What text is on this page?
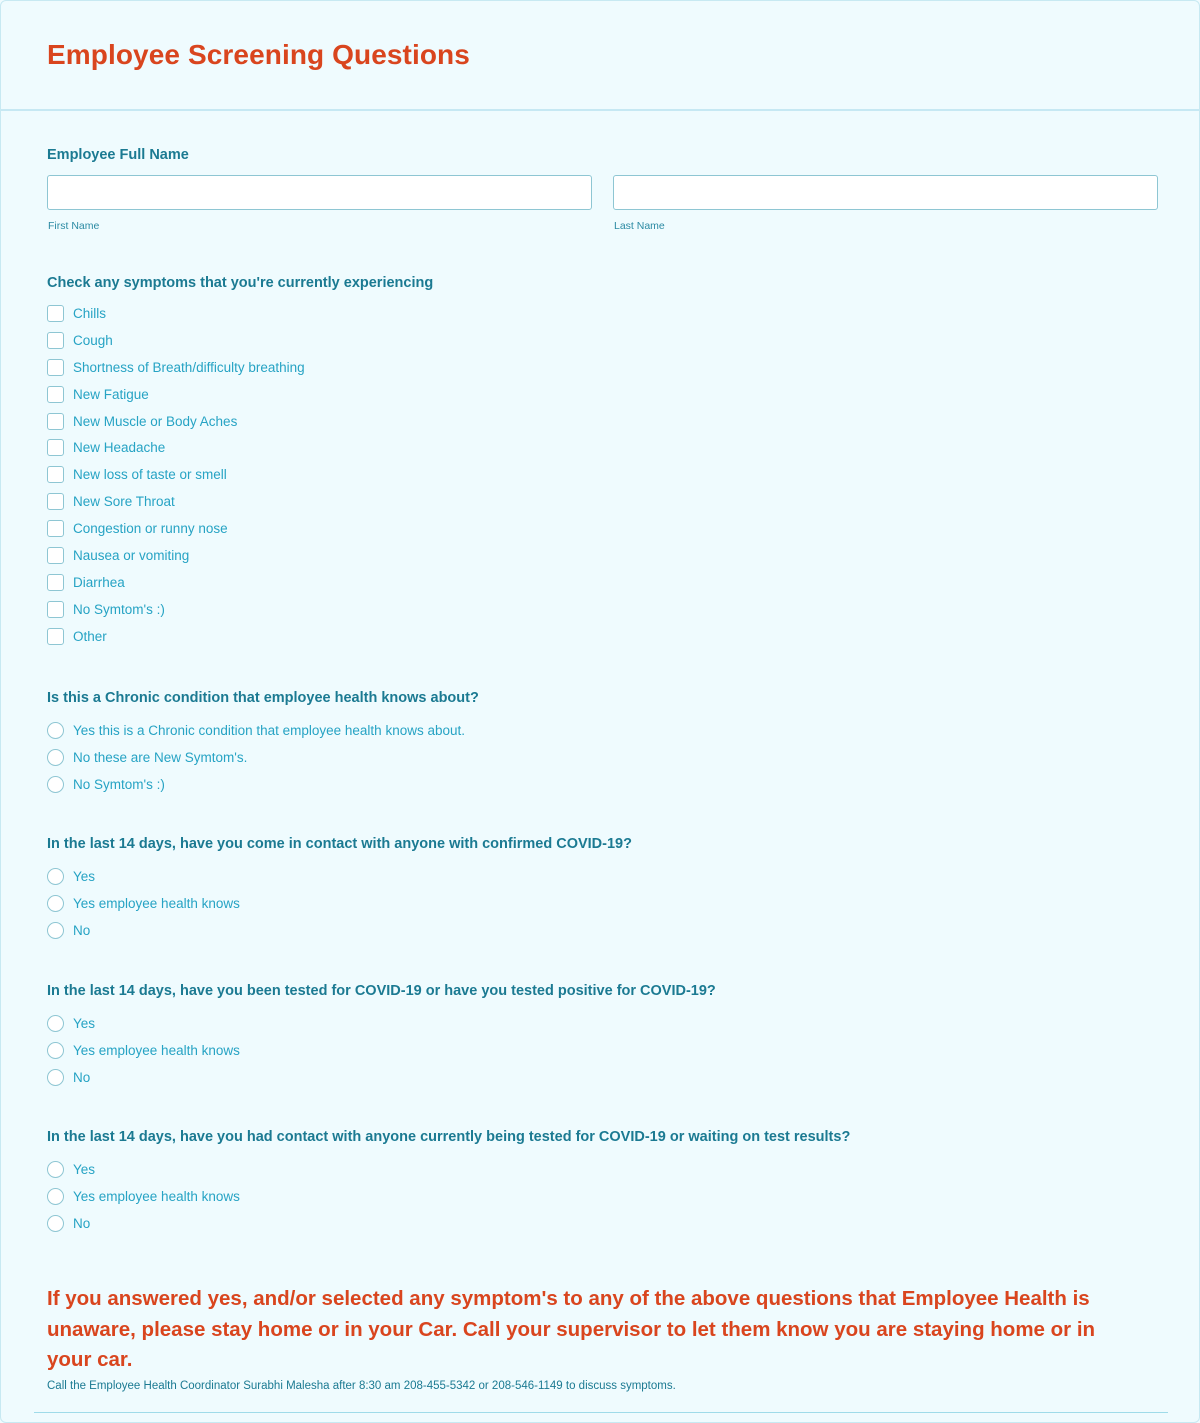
Employee Screening Questions
Employee Full Name
First Name	Last Name
Check any symptoms that you're currently experiencing
Chills
Cough
Shortness of Breath/difficulty breathing
New Fatigue
New Muscle or Body Aches
New Headache
New loss of taste or smell
New Sore Throat
Congestion or runny nose
Nausea or vomiting
Diarrhea
No Symtom's :)
Other
Is this a Chronic condition that employee health knows about?
Yes this is a Chronic condition that employee health knows about.
No these are New Symtom's.
No Symtom's :)
In the last 14 days, have you come in contact with anyone with confirmed COVID-19?
Yes
Yes employee health knows
No
In the last 14 days, have you been tested for COVID-19 or have you tested positive for COVID-19?
Yes
Yes employee health knows
No
In the last 14 days, have you had contact with anyone currently being tested for COVID-19 or waiting on test results?
Yes
Yes employee health knows
No
If you answered yes, and/or selected any symptom's to any of the above questions that Employee Health is unaware, please stay home or in your Car. Call your supervisor to let them know you are staying home or in your car.
Call the Employee Health Coordinator Surabhi Malesha after 8:30 am 208-455-5342 or 208-546-1149 to discuss symptoms.
